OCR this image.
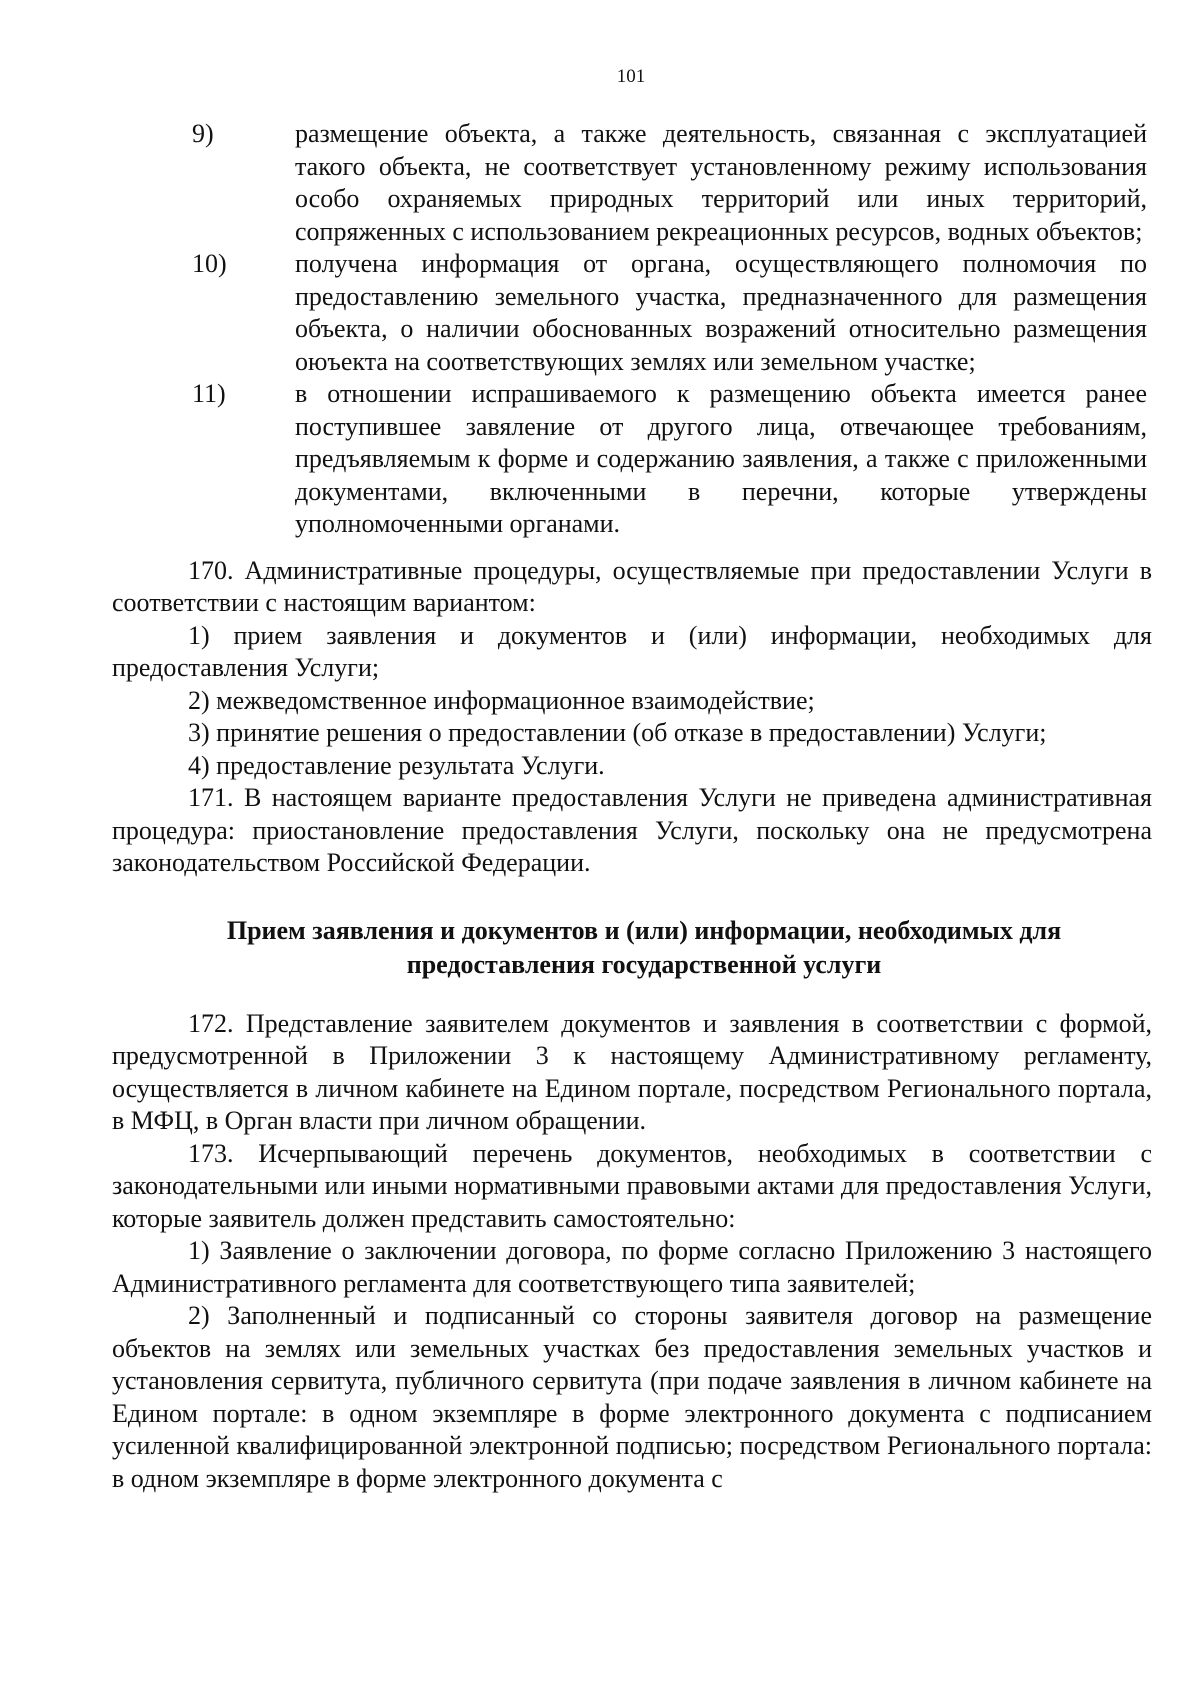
101
9)	размещение объекта, а также деятельность, связанная с эксплуатацией такого объекта, не соответствует установленному режиму использования особо охраняемых природных территорий или иных территорий, сопряженных с использованием рекреационных ресурсов, водных объектов;
10)	получена информация от органа, осуществляющего полномочия по предоставлению земельного участка, предназначенного для размещения объекта, о наличии обоснованных возражений относительно размещения оюъекта на соответствующих землях или земельном участке;
11)	в отношении испрашиваемого к размещению объекта имеется ранее поступившее завяление от другого лица, отвечающее требованиям, предъявляемым к форме и содержанию заявления, а также с приложенными документами, включенными в перечни, которые утверждены уполномоченными органами.

170. Административные процедуры, осуществляемые при предоставлении Услуги в соответствии с настоящим вариантом:

1) прием заявления и документов и (или) информации, необходимых для предоставления Услуги;

2) межведомственное информационное взаимодействие;

3) принятие решения о предоставлении (об отказе в предоставлении) Услуги;

4) предоставление результата Услуги.

171. В настоящем варианте предоставления Услуги не приведена административная процедура: приостановление предоставления Услуги, поскольку она не предусмотрена законодательством Российской Федерации.

Прием заявления и документов и (или) информации, необходимых для предоставления государственной услуги

172. Представление заявителем документов и заявления в соответствии с формой, предусмотренной в Приложении 3 к настоящему Административному регламенту, осуществляется в личном кабинете на Едином портале, посредством Регионального портала, в МФЦ, в Орган власти при личном обращении.

173. Исчерпывающий перечень документов, необходимых в соответствии с законодательными или иными нормативными правовыми актами для предоставления Услуги, которые заявитель должен представить самостоятельно:

1) Заявление о заключении договора, по форме согласно Приложению 3 настоящего Административного регламента для соответствующего типа заявителей;

2) Заполненный и подписанный со стороны заявителя договор на размещение объектов на землях или земельных участках без предоставления земельных участков и установления сервитута, публичного сервитута (при подаче заявления в личном кабинете на Едином портале: в одном экземпляре в форме электронного документа с подписанием усиленной квалифицированной электронной подписью; посредством Регионального портала: в одном экземпляре в форме электронного документа с
